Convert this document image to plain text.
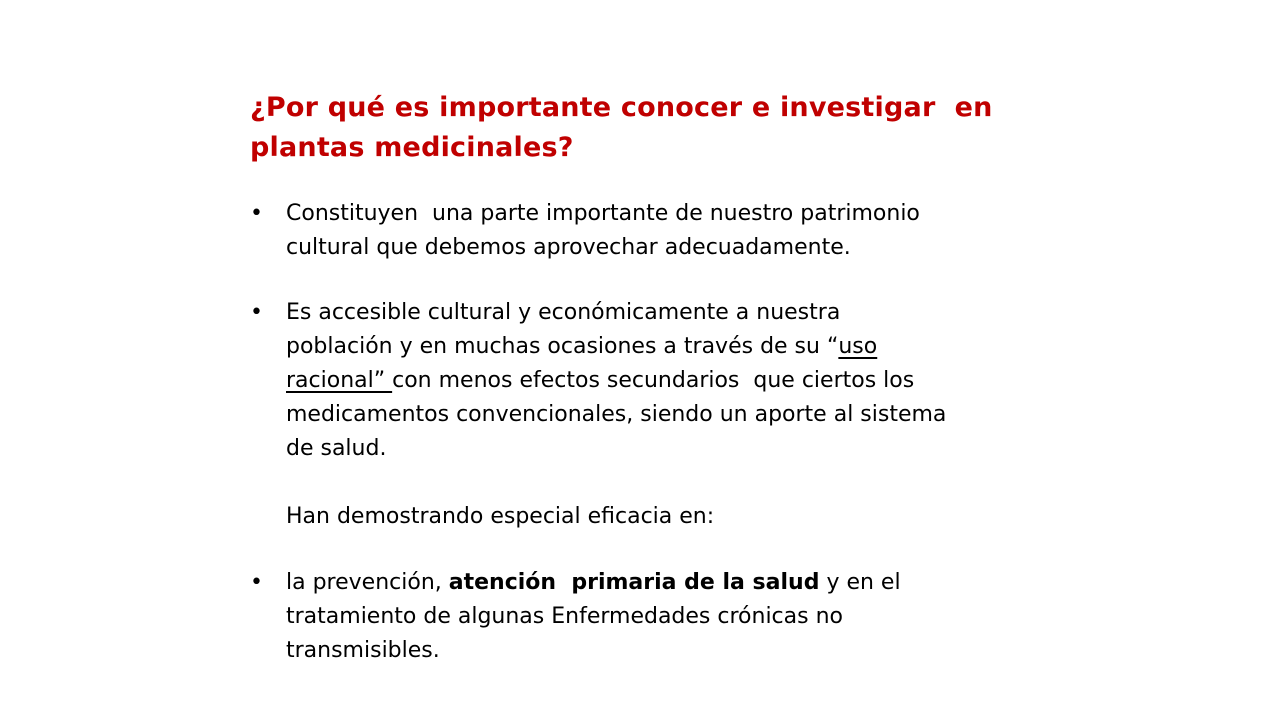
¿Por qué es importante conocer e investigar  en
plantas medicinales?
• Constituyen  una parte importante de nuestro patrimonio
cultural que debemos aprovechar adecuadamente.
• Es accesible cultural y económicamente a nuestra
población y en muchas ocasiones a través de su “uso
racional” con menos efectos secundarios  que ciertos los
medicamentos convencionales, siendo un aporte al sistema
de salud.
Han demostrando especial eficacia en:
• la prevención, atención  primaria de la salud y en el
tratamiento de algunas Enfermedades crónicas no
transmisibles.
